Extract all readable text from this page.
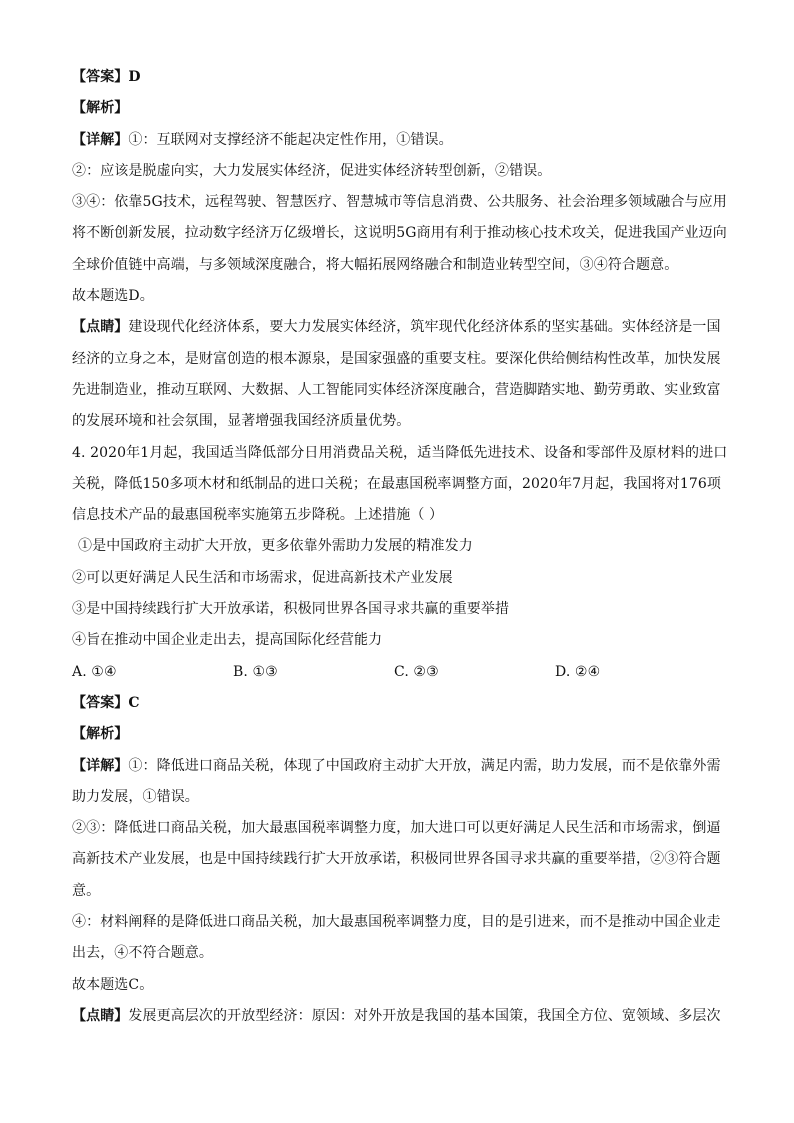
【答案】D
【解析】
【详解】①：互联网对支撑经济不能起决定性作用，①错误。
②：应该是脱虚向实，大力发展实体经济，促进实体经济转型创新，②错误。
③④：依靠5G技术，远程驾驶、智慧医疗、智慧城市等信息消费、公共服务、社会治理多领域融合与应用
将不断创新发展，拉动数字经济万亿级增长，这说明5G商用有利于推动核心技术攻关，促进我国产业迈向
全球价值链中高端，与多领域深度融合，将大幅拓展网络融合和制造业转型空间，③④符合题意。
故本题选D。
【点睛】建设现代化经济体系，要大力发展实体经济，筑牢现代化经济体系的坚实基础。实体经济是一国
经济的立身之本，是财富创造的根本源泉，是国家强盛的重要支柱。要深化供给侧结构性改革，加快发展
先进制造业，推动互联网、大数据、人工智能同实体经济深度融合，营造脚踏实地、勤劳勇敢、实业致富
的发展环境和社会氛围，显著增强我国经济质量优势。
4. 2020年1月起，我国适当降低部分日用消费品关税，适当降低先进技术、设备和零部件及原材料的进口
关税，降低150多项木材和纸制品的进口关税；在最惠国税率调整方面，2020年7月起，我国将对176项
信息技术产品的最惠国税率实施第五步降税。上述措施（ ）
①是中国政府主动扩大开放，更多依靠外需助力发展的精准发力
②可以更好满足人民生活和市场需求，促进高新技术产业发展
③是中国持续践行扩大开放承诺，积极同世界各国寻求共赢的重要举措
④旨在推动中国企业走出去，提高国际化经营能力
A. ①④	B. ①③	C. ②③	D. ②④
【答案】C
【解析】
【详解】①：降低进口商品关税，体现了中国政府主动扩大开放，满足内需，助力发展，而不是依靠外需
助力发展，①错误。
②③：降低进口商品关税，加大最惠国税率调整力度，加大进口可以更好满足人民生活和市场需求，倒逼
高新技术产业发展，也是中国持续践行扩大开放承诺，积极同世界各国寻求共赢的重要举措，②③符合题
意。
④：材料阐释的是降低进口商品关税，加大最惠国税率调整力度，目的是引进来，而不是推动中国企业走
出去，④不符合题意。
故本题选C。
【点睛】发展更高层次的开放型经济：原因：对外开放是我国的基本国策，我国全方位、宽领域、多层次
